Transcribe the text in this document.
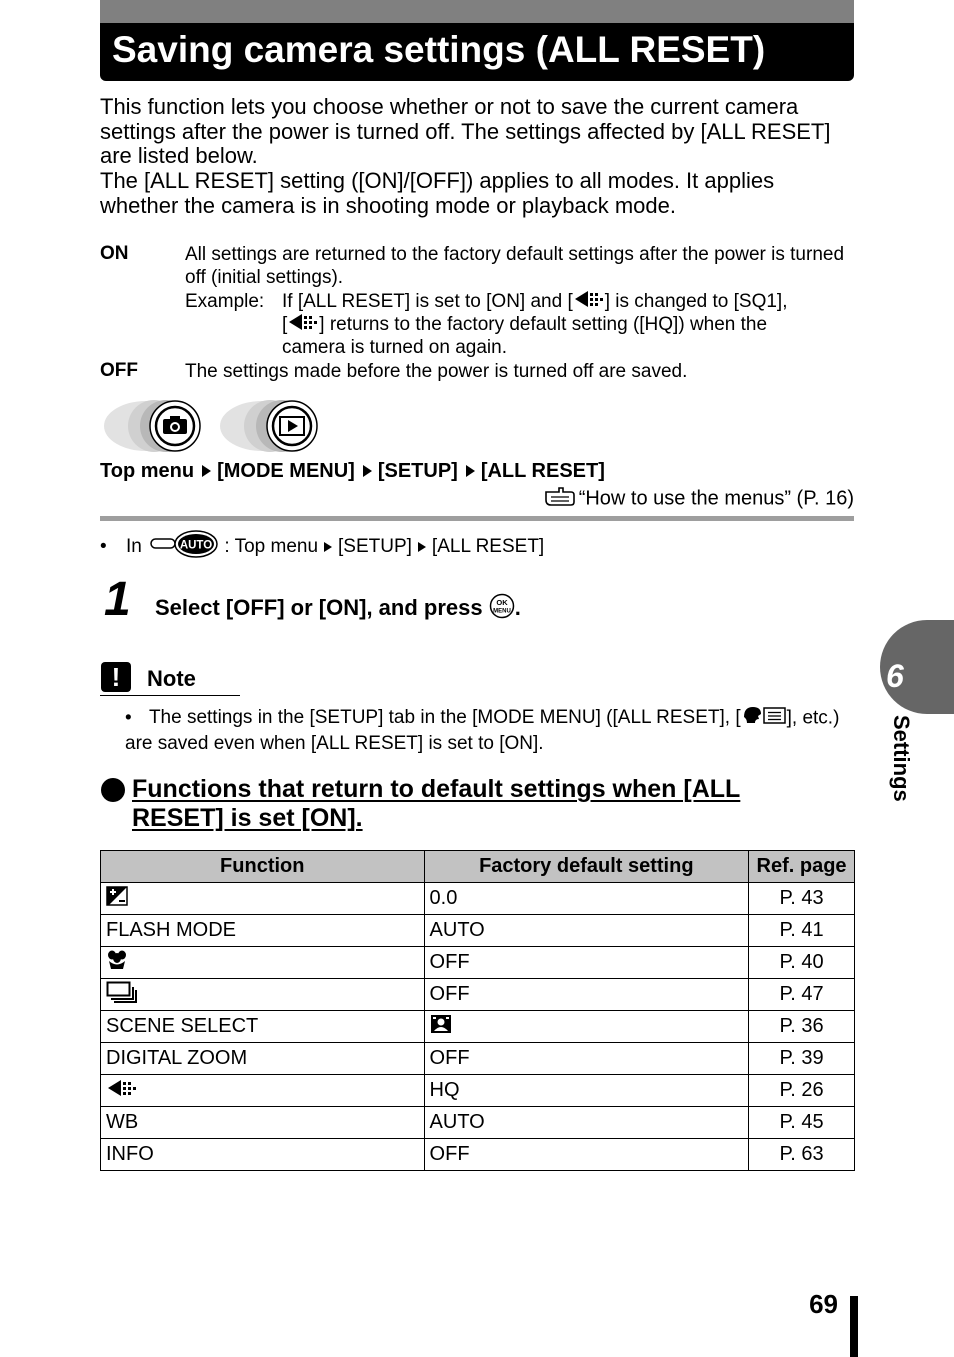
Saving camera settings (ALL RESET)

This function lets you choose whether or not to save the current camera settings after the power is turned off. The settings affected by [ALL RESET] are listed below.

The [ALL RESET] setting ([ON]/[OFF]) applies to all modes. It applies whether the camera is in shooting mode or playback mode.

ON	All settings are returned to the factory default settings after the power is turned off (initial settings).
Example: If [ALL RESET] is set to [ON] and [ ] is changed to [SQ1],
[ ] returns to the factory default setting ([HQ]) when the
camera is turned on again.
OFF The settings made before the power is turned off are saved.
Top menu [MODE MENU] [SETUP] [ALL RESET]
“How to use the menus” (P. 16)
• In	AUTO : Top menu [SETUP] [ALL RESET]
1 Select [OFF] or [ON], and press OK
MENU .
!	Note
• The settings in the [SETUP] tab in the [MODE MENU] ([ALL RESET], [ ], etc.) are saved even when [ALL RESET] is set to [ON].
Functions that return to default settings when [ALL
RESET] is set [ON].
Function	Factory default setting	Ref. page
	0.0	P. 43
FLASH MODE	AUTO	P. 41
	OFF	P. 40
	OFF	P. 47
SCENE SELECT		P. 36
DIGITAL ZOOM	OFF	P. 39
	HQ	P. 26
WB	AUTO	P. 45
INFO	OFF	P. 63
6
Settings
69
